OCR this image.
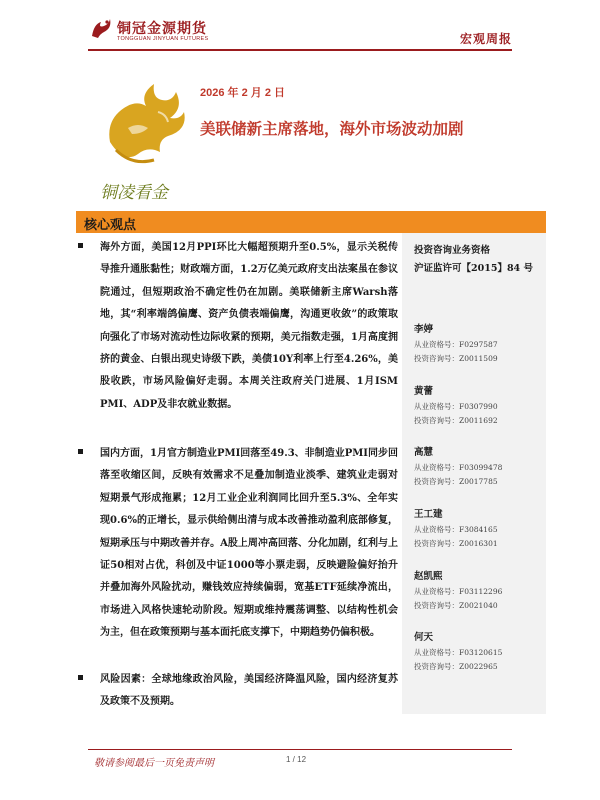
铜冠金源期货
TONGGUAN JINYUAN FUTURES	宏观周报
铜凌看金
2026 年 2 月 2 日
美联储新主席落地，海外市场波动加剧
核心观点
投资咨询业务资格
沪证监许可【2015】84 号
李婷
从业资格号：F0297587
投资咨询号：Z0011509
黄蕾
从业资格号：F0307990
投资咨询号：Z0011692
高慧
从业资格号：F03099478
投资咨询号：Z0017785
王工建
从业资格号：F3084165
投资咨询号：Z0016301
赵凯熙
从业资格号：F03112296
投资咨询号：Z0021040
何天
从业资格号：F03120615
投资咨询号：Z0022965
海外方面，美国12月PPI环比大幅超预期升至0.5%，显示关税传导推升通胀黏性；财政端方面，1.2万亿美元政府支出法案虽在参议院通过，但短期政治不确定性仍在加剧。美联储新主席Warsh落地，其“利率端鸽偏鹰、资产负债表端偏鹰，沟通更收敛”的政策取向强化了市场对流动性边际收紧的预期，美元指数走强，1月高度拥挤的黄金、白银出现史诗级下跌，美债10Y利率上行至4.26%，美股收跌，市场风险偏好走弱。本周关注政府关门进展、1月ISM PMI、ADP及非农就业数据。
国内方面，1月官方制造业PMI回落至49.3、非制造业PMI同步回落至收缩区间，反映有效需求不足叠加制造业淡季、建筑业走弱对短期景气形成拖累；12月工业企业利润同比回升至5.3%、全年实现0.6%的正增长，显示供给侧出清与成本改善推动盈利底部修复，短期承压与中期改善并存。A股上周冲高回落、分化加剧，红利与上证50相对占优，科创及中证1000等小票走弱，反映避险偏好抬升并叠加海外风险扰动，赚钱效应持续偏弱，宽基ETF延续净流出，市场进入风格快速轮动阶段。短期或维持震荡调整、以结构性机会为主，但在政策预期与基本面托底支撑下，中期趋势仍偏积极。
风险因素：全球地缘政治风险，美国经济降温风险，国内经济复苏及政策不及预期。
敬请参阅最后一页免责声明	1 / 12
